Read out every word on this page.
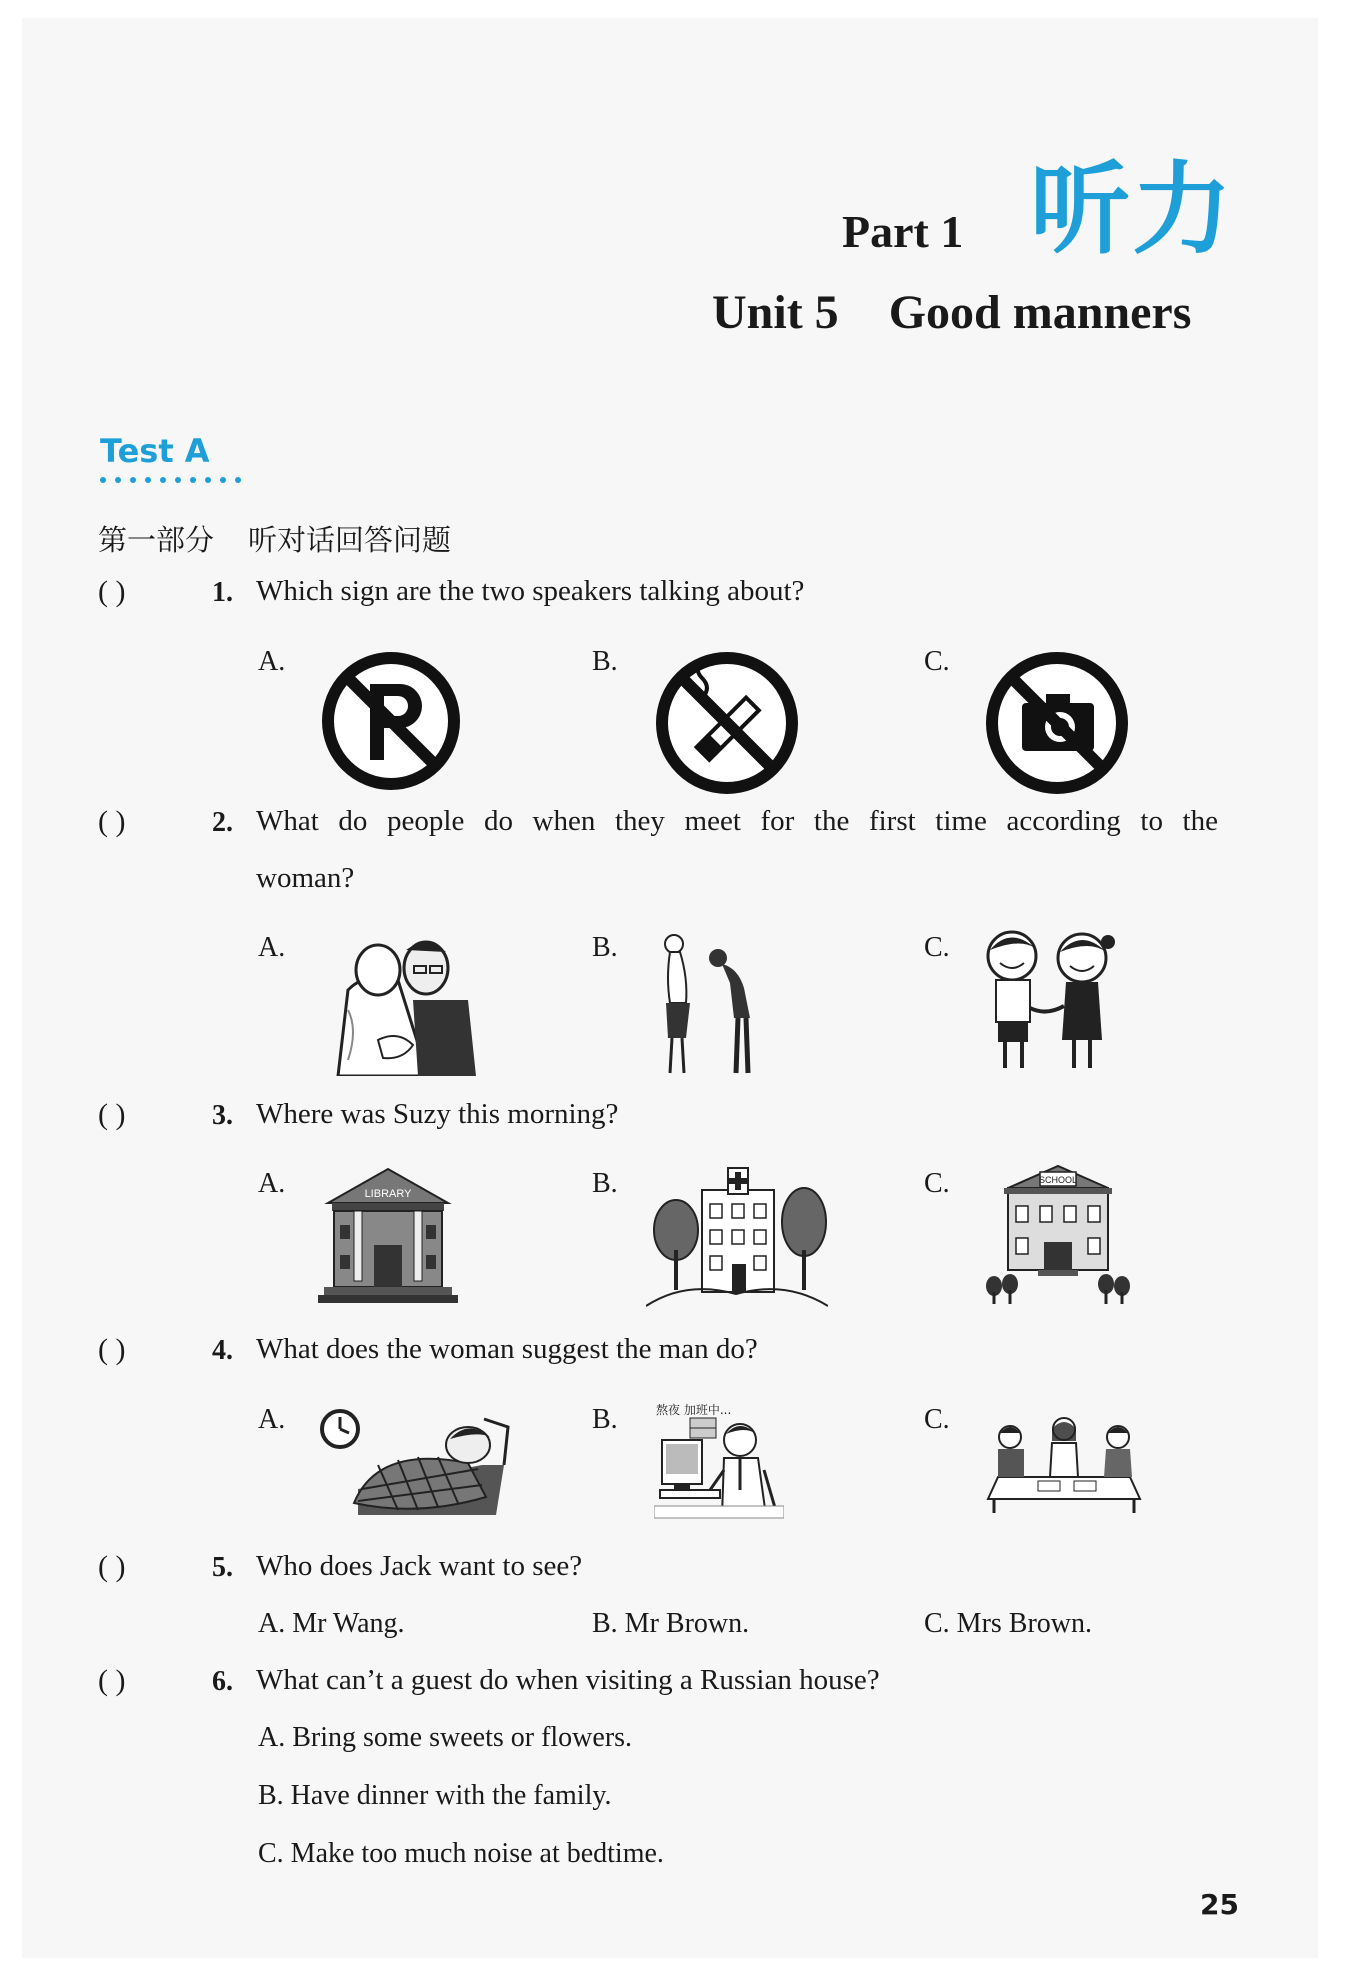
Part 1 听力
Unit 5 Good manners
Test A
第一部分 听对话回答问题
( )	1. Which sign are the two speakers talking about?
A.	B.	C.
( )	2. What do people do when they meet for the first time according to the
woman?
A.	B.	C.
( )	3. Where was Suzy this morning?
A.	B.	C.
LIBRARY
SCHOOL
( )	4. What does the woman suggest the man do?
A.	B.	C.
熬夜 加班中...
( )	5. Who does Jack want to see?
A. Mr Wang.	B. Mr Brown.	C. Mrs Brown.
( )	6. What can’t a guest do when visiting a Russian house?
A. Bring some sweets or flowers.
B. Have dinner with the family.
C. Make too much noise at bedtime.
25
